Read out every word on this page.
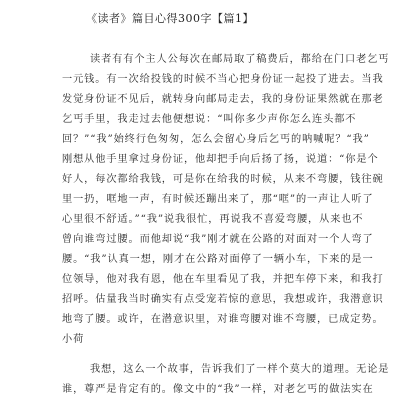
《读者》篇目心得300字【篇1】
读者有有个主人公每次在邮局取了稿费后，都给在门口老乞丐
一元钱。有一次给投钱的时候不当心把身份证一起投了进去。当我
发觉身份证不见后，就转身向邮局走去，我的身份证果然就在那老
乞丐手里，我走过去他便想说：“叫你多少声你怎么连头都不
回？”“我”始终行色匆匆，怎么会留心身后乞丐的呐喊呢？“我”
刚想从他手里拿过身份证，他却把手向后扬了扬，说道：“你是个
好人，每次都给我钱，可是你在给我的时候，从来不弯腰，钱往碗
里一扔，哐地一声，有时候还蹦出来了，那“哐”的一声让人听了
心里很不舒适。”“我”说我很忙，再说我不喜爱弯腰，从来也不
曾向谁弯过腰。而他却说“我”刚才就在公路的对面对一个人弯了
腰。“我”认真一想，刚才在公路对面停了一辆小车，下来的是一
位领导，他对我有恩，他在车里看见了我，并把车停下来，和我打
招呼。估量我当时确实有点受宠若惊的意思，我想或许，我潜意识
地弯了腰。或许，在潜意识里，对谁弯腰对谁不弯腰，已成定势。
小荷
我想，这么一个故事，告诉我们了一样个莫大的道理。无论是
谁，尊严是肯定有的。像文中的“我”一样，对老乞丐的做法实在
